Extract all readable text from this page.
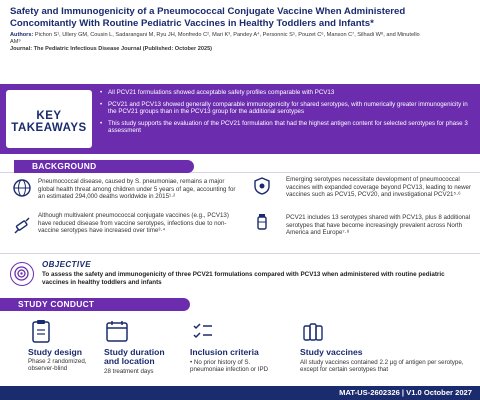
Safety and Immunogenicity of a Pneumococcal Conjugate Vaccine When Administered Concomitantly With Routine Pediatric Vaccines in Healthy Toddlers and Infants*
Authors: Pichon S¹, Ullery GM, Cousin L, Sadarangani M, Ryu JH, Monfredo C², Mari K³, Pandey A⁴, Personnic S⁵, Pouzet C⁶, Manson C⁷, Silhadi W⁸, and Minutello AM⁹
Journal: The Pediatric Infectious Disease Journal (Published: October 2025)
KEY
TAKEAWAYS
• All PCV21 formulations showed acceptable safety profiles comparable with PCV13
• PCV21 and PCV13 showed generally comparable immunogenicity for shared serotypes, with numerically greater immunogenicity in the PCV21 groups than in the PCV13 group for the additional serotypes
• This study supports the evaluation of the PCV21 formulation that had the highest antigen content for selected serotypes for phase 3 assessment
BACKGROUND
Pneumococcal disease, caused by S. pneumoniae, remains a major global health threat among children under 5 years of age, accounting for an estimated 294,000 deaths worldwide in 2015¹·²
Although multivalent pneumococcal conjugate vaccines (e.g., PCV13) have reduced disease from vaccine serotypes, infections due to non-vaccine serotypes have increased over time³·⁴
Emerging serotypes necessitate development of pneumococcal vaccines with expanded coverage beyond PCV13, leading to newer vaccines such as PCV15, PCV20, and investigational PCV21⁵·⁶
PCV21 includes 13 serotypes shared with PCV13, plus 8 additional serotypes that have become increasingly prevalent across North America and Europe⁷·⁸
OBJECTIVE
To assess the safety and immunogenicity of three PCV21 formulations compared with PCV13 when administered with routine pediatric vaccines in healthy toddlers and infants
STUDY CONDUCT
Study design
Phase 2 randomized, observer-blind
Study duration and location
28 treatment days
Inclusion criteria
• No prior history of S. pneumoniae infection or IPD
Study vaccines
All study vaccines contained 2.2 µg of antigen per serotype, except for certain serotypes that
MAT-US-2602326 | V1.0 October 2027
